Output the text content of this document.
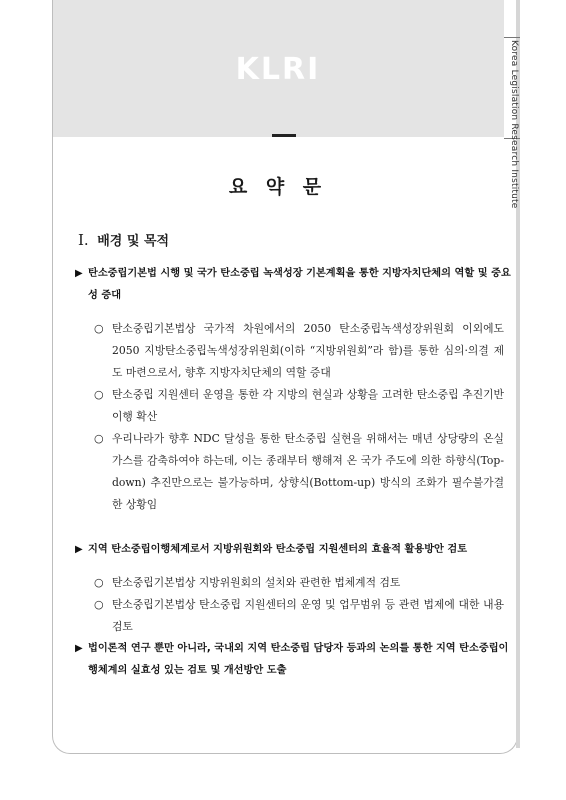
KLRI	Korea Legislation Research Institute
요 약 문
Ⅰ. 배경 및 목적
▶ 탄소중립기본법 시행 및 국가 탄소중립 녹색성장 기본계획을 통한 지방자치단체의 역할 및 중요성 증대
○ 탄소중립기본법상 국가적 차원에서의 2050 탄소중립녹색성장위원회 이외에도 2050 지방탄소중립녹색성장위원회(이하 “지방위원회”라 함)를 통한 심의·의결 제도 마련으로서, 향후 지방자치단체의 역할 증대
○ 탄소중립 지원센터 운영을 통한 각 지방의 현실과 상황을 고려한 탄소중립 추진기반 이행 확산
○ 우리나라가 향후 NDC 달성을 통한 탄소중립 실현을 위해서는 매년 상당량의 온실가스를 감축하여야 하는데, 이는 종래부터 행해져 온 국가 주도에 의한 하향식(Top-down) 추진만으로는 불가능하며, 상향식(Bottom-up) 방식의 조화가 필수불가결한 상황임
▶ 지역 탄소중립이행체계로서 지방위원회와 탄소중립 지원센터의 효율적 활용방안 검토
○ 탄소중립기본법상 지방위원회의 설치와 관련한 법체계적 검토
○ 탄소중립기본법상 탄소중립 지원센터의 운영 및 업무범위 등 관련 법제에 대한 내용 검토
▶ 법이론적 연구 뿐만 아니라, 국내외 지역 탄소중립 담당자 등과의 논의를 통한 지역 탄소중립이행체계의 실효성 있는 검토 및 개선방안 도출
